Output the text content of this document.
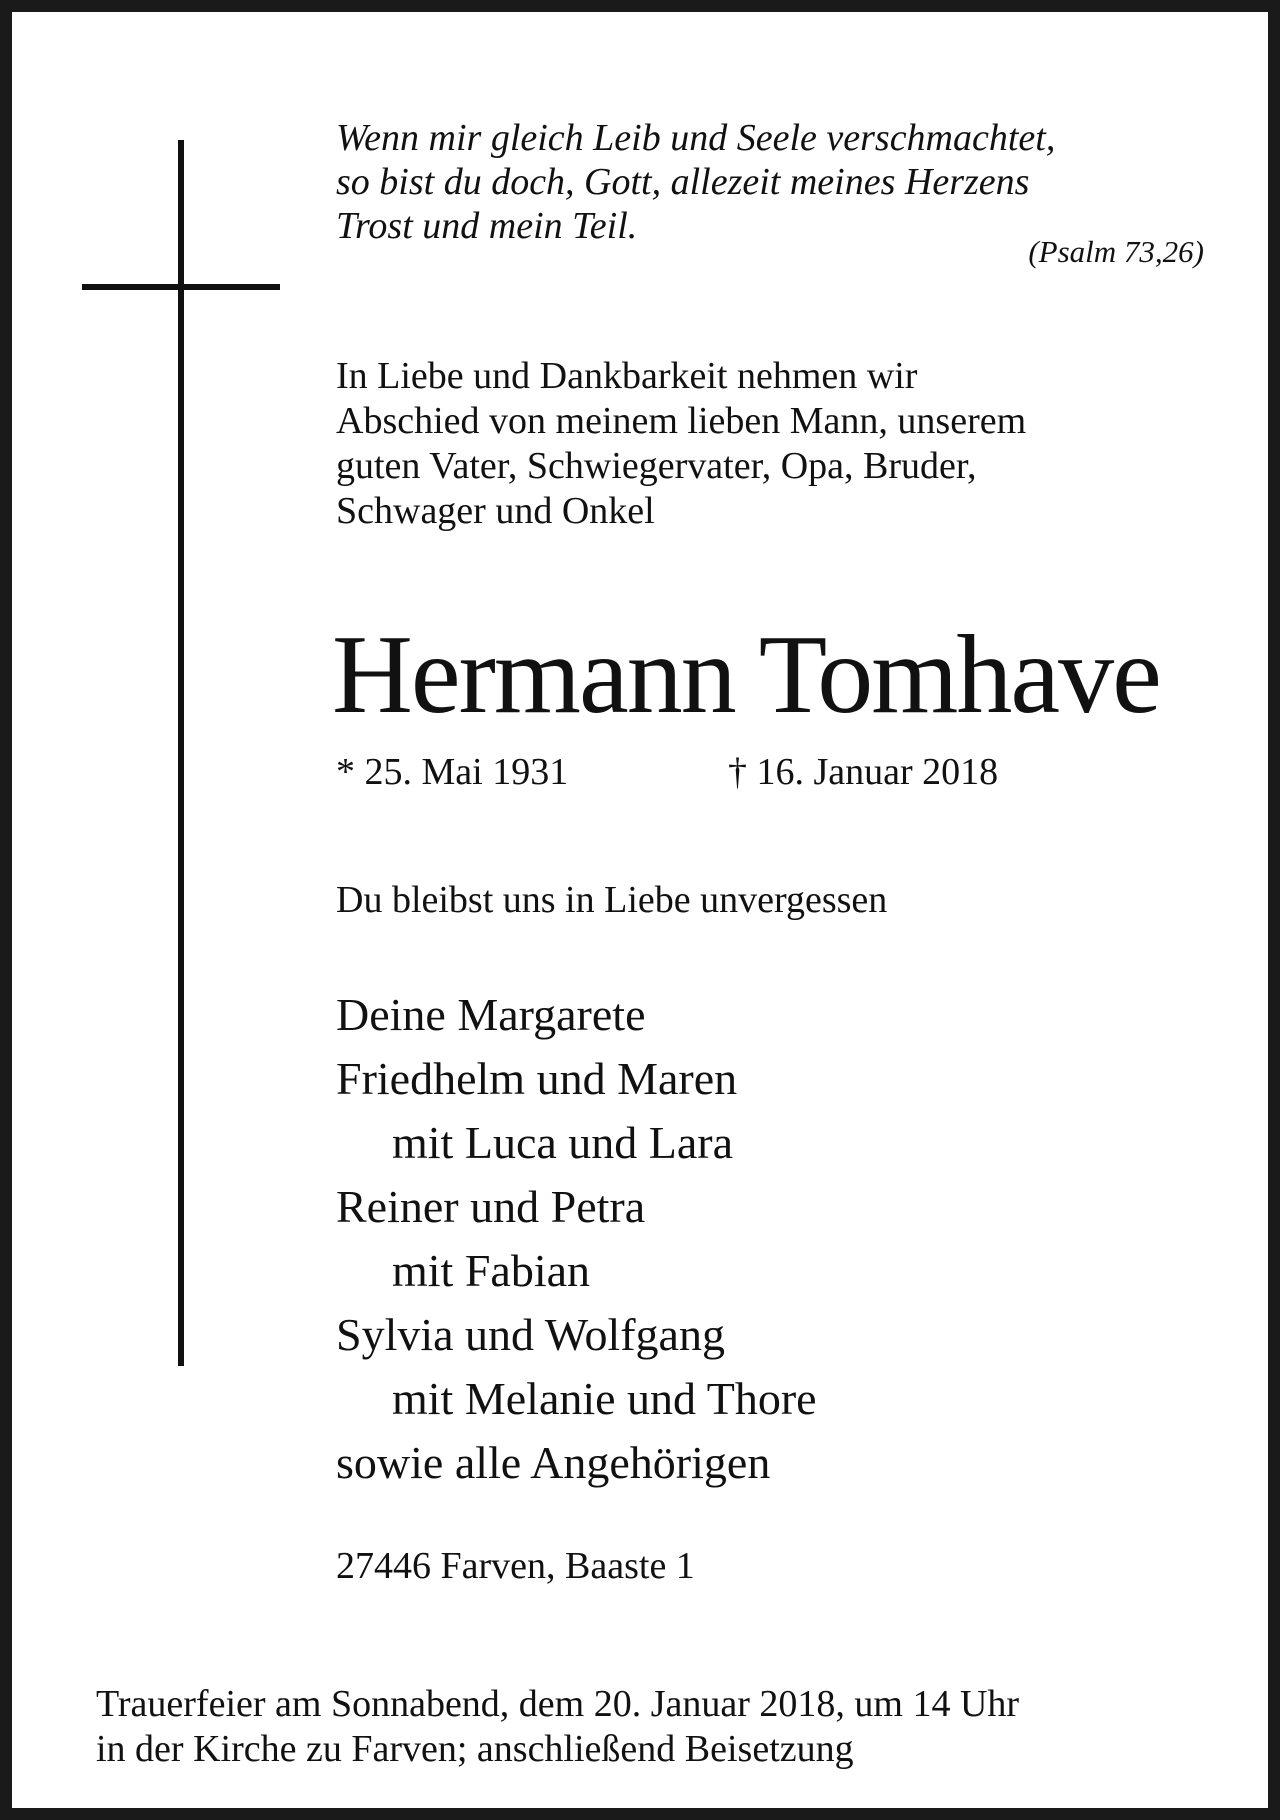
Wenn mir gleich Leib und Seele verschmachtet,
so bist du doch, Gott, allezeit meines Herzens
Trost und mein Teil.
(Psalm 73,26)
In Liebe und Dankbarkeit nehmen wir
Abschied von meinem lieben Mann, unserem
guten Vater, Schwiegervater, Opa, Bruder,
Schwager und Onkel
Hermann Tomhave
* 25. Mai 1931	† 16. Januar 2018
Du bleibst uns in Liebe unvergessen
Deine Margarete
Friedhelm und Maren
mit Luca und Lara
Reiner und Petra
mit Fabian
Sylvia und Wolfgang
mit Melanie und Thore
sowie alle Angehörigen
27446 Farven, Baaste 1
Trauerfeier am Sonnabend, dem 20. Januar 2018, um 14 Uhr
in der Kirche zu Farven; anschließend Beisetzung
